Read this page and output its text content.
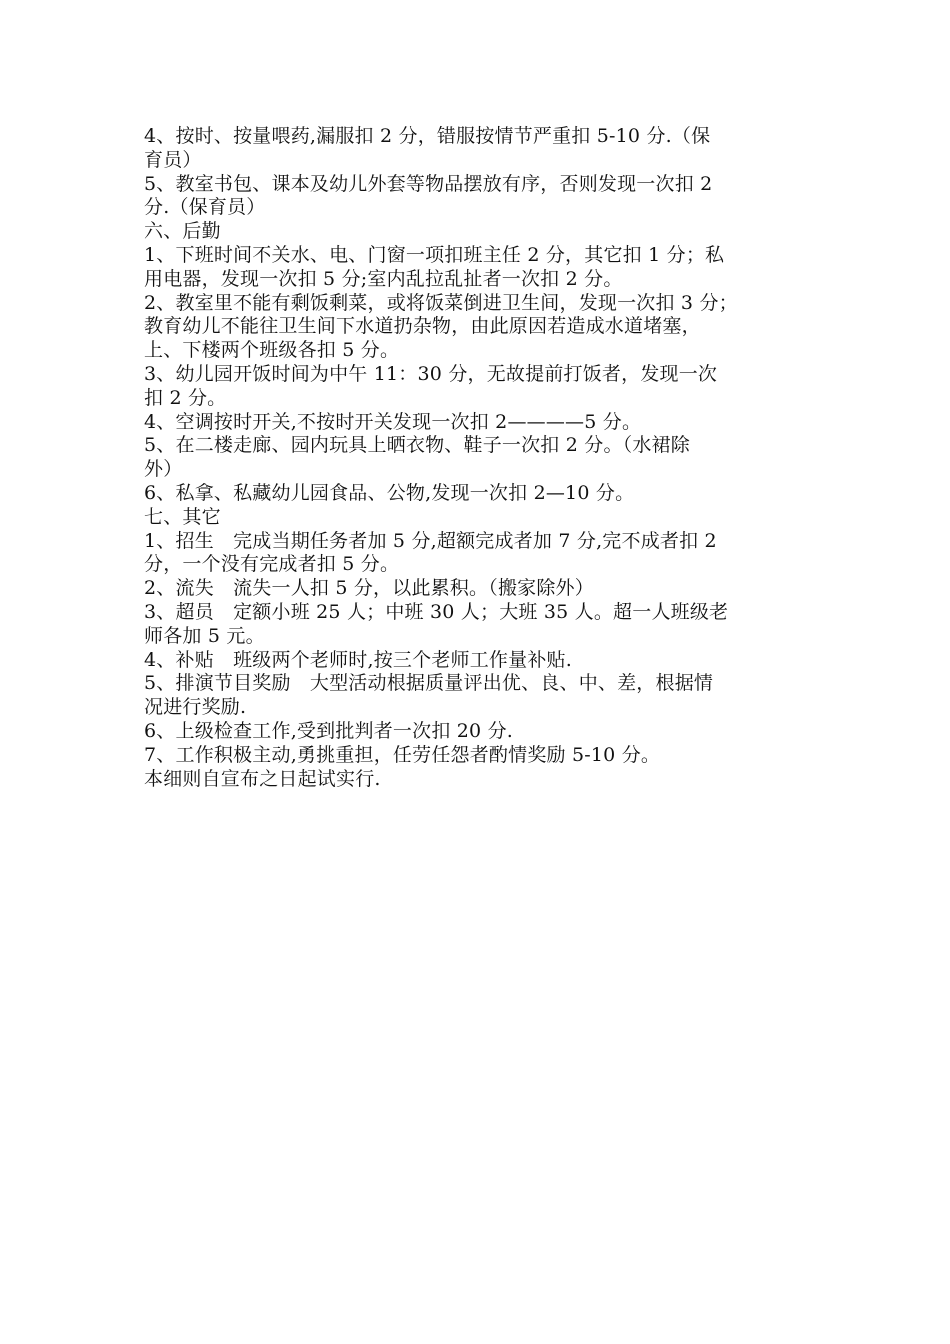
4、按时、按量喂药,漏服扣 2 分，错服按情节严重扣 5-10 分.（保
育员）
5、教室书包、课本及幼儿外套等物品摆放有序，否则发现一次扣 2
分.（保育员）
六、后勤
1、下班时间不关水、电、门窗一项扣班主任 2 分，其它扣 1 分；私
用电器，发现一次扣 5 分;室内乱拉乱扯者一次扣 2 分。
2、教室里不能有剩饭剩菜，或将饭菜倒进卫生间，发现一次扣 3 分；
教育幼儿不能往卫生间下水道扔杂物，由此原因若造成水道堵塞，
上、下楼两个班级各扣 5 分。
3、幼儿园开饭时间为中午 11：30 分，无故提前打饭者，发现一次
扣 2 分。
4、空调按时开关,不按时开关发现一次扣 2————5 分。
5、在二楼走廊、园内玩具上晒衣物、鞋子一次扣 2 分。（水裙除
外）
6、私拿、私藏幼儿园食品、公物,发现一次扣 2—10 分。
七、其它
1、招生　完成当期任务者加 5 分,超额完成者加 7 分,完不成者扣 2
分，一个没有完成者扣 5 分。
2、流失　流失一人扣 5 分，以此累积。（搬家除外）
3、超员　定额小班 25 人；中班 30 人；大班 35 人。超一人班级老
师各加 5 元。
4、补贴　班级两个老师时,按三个老师工作量补贴.
5、排演节目奖励　大型活动根据质量评出优、良、中、差，根据情
况进行奖励.
6、上级检查工作,受到批判者一次扣 20 分.
7、工作积极主动,勇挑重担，任劳任怨者酌情奖励 5-10 分。
本细则自宣布之日起试实行.
